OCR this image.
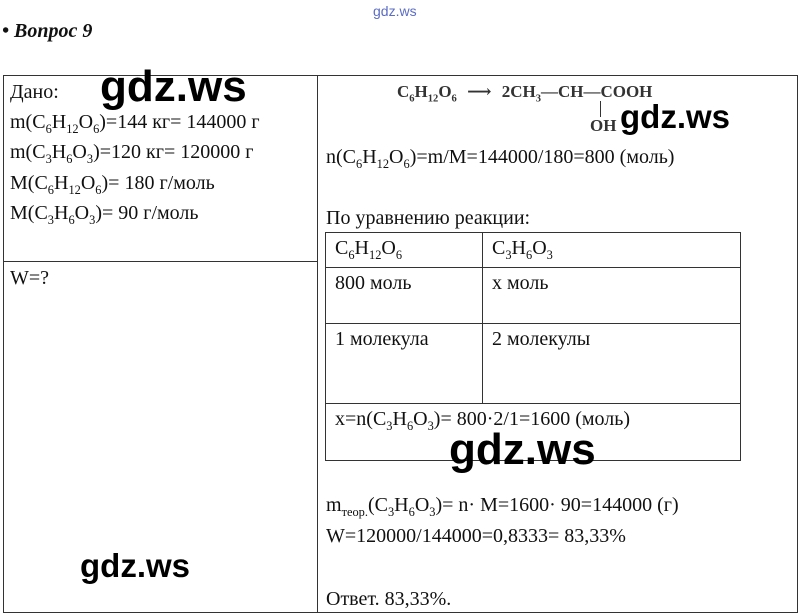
gdz.ws
• Вопрос 9
Дано:
$m(C_6H_{12}O_6)=144$ кг= 144000 г
$m(C_3H_6O_3)=120$ кг= 120000 г
$M(C_6H_{12}O_6)= 180$ г/моль
$M(C_3H_6O_3)= 90$ г/моль
W=?
$C_6H_{12}O_6$ ⟶ $2CH_3—CH—COOH$
OH
$n(C_6H_{12}O_6)=m/M=144000/180=800$ (моль)
По уравнению реакции:
$C_6H_{12}O_6$	$C_3H_6O_3$
800 моль	x моль
1 молекула	2 молекулы
$x=n(C_3H_6O_3)= 800\cdot 2/1=1600$ (моль)	
$m_{теор.}(C_3H_6O_3)= n\cdot M=1600\cdot 90=144000$ (г)
W=120000/144000=0,8333= 83,33%
Ответ. 83,33%.
gdz.ws
gdz.ws
gdz.ws
gdz.ws
